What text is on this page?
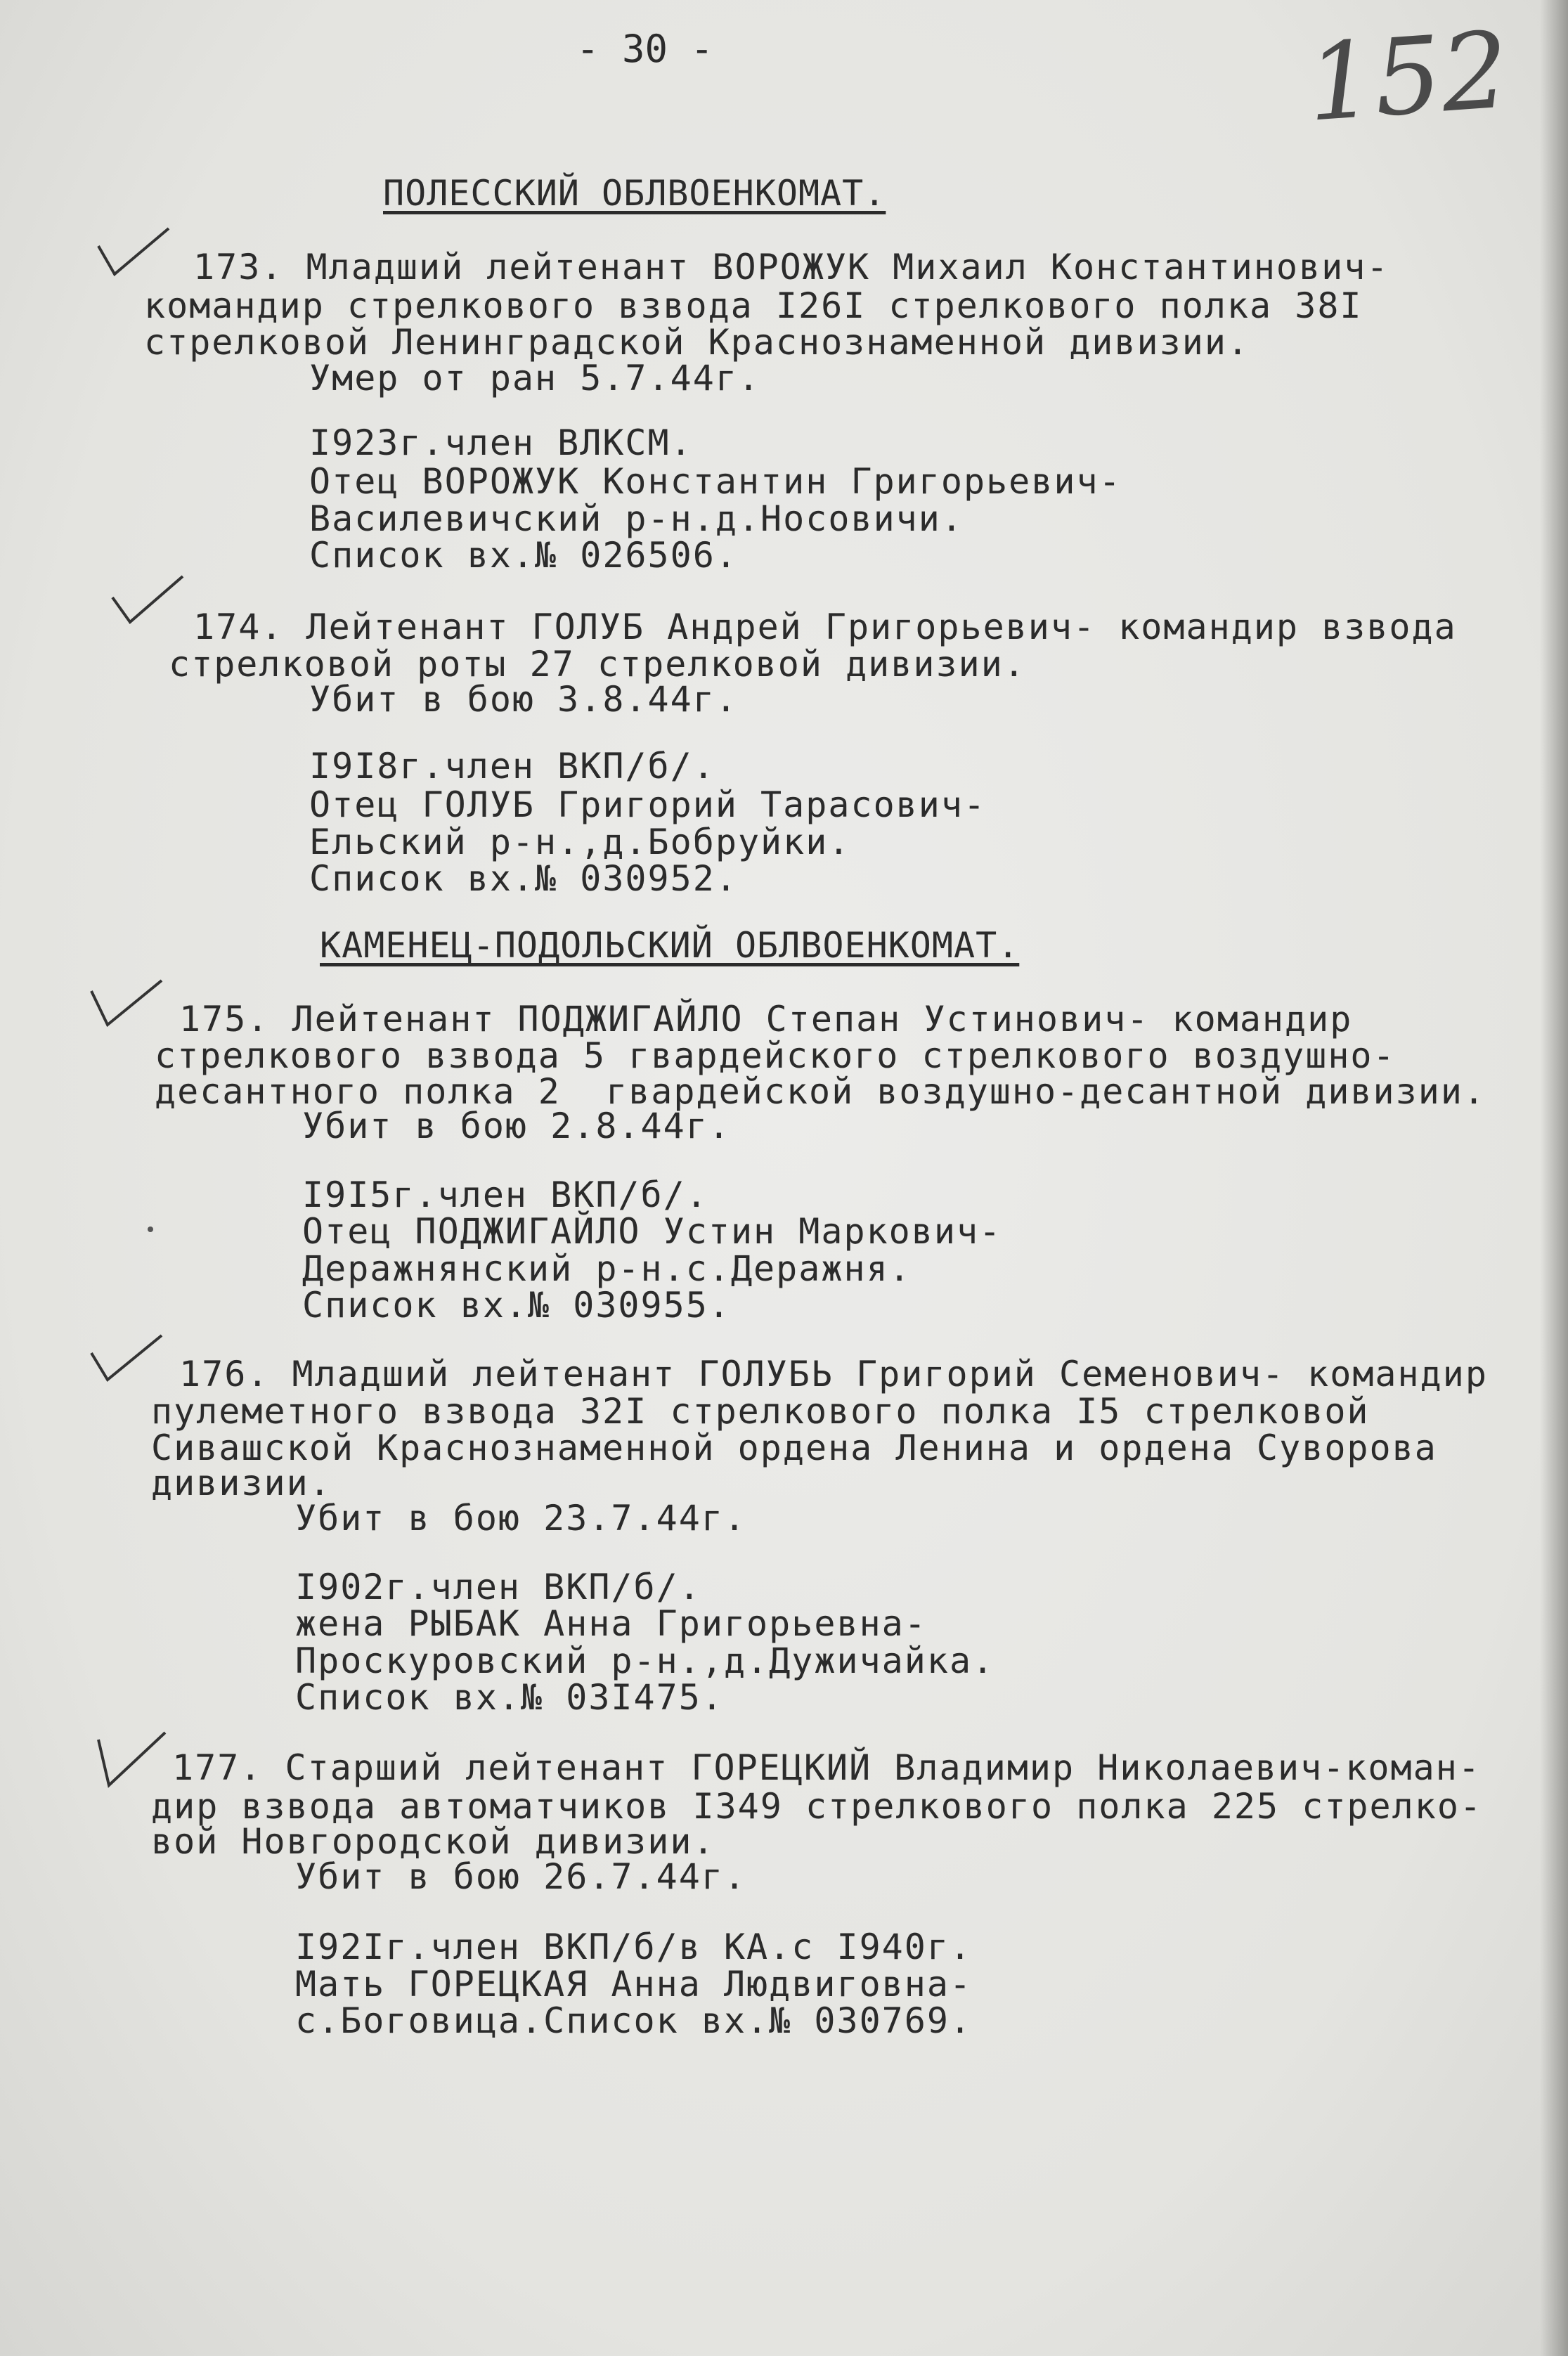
- 30 -	152
ПОЛЕССКИЙ ОБЛВОЕНКОМАТ.
173. Младший лейтенант ВОРОЖУК Михаил Константинович-
командир стрелкового взвода I26I стрелкового полка 38I
стрелковой Ленинградской Краснознаменной дивизии.
Умер от ран 5.7.44г.
I923г.член ВЛКСМ.
Отец ВОРОЖУК Константин Григорьевич-
Василевичский р-н.д.Носовичи.
Список вх.№ 026506.
174. Лейтенант ГОЛУБ Андрей Григорьевич- командир взвода
стрелковой роты 27 стрелковой дивизии.
Убит в бою 3.8.44г.
I9I8г.член ВКП/б/.
Отец ГОЛУБ Григорий Тарасович-
Ельский р-н.,д.Бобруйки.
Список вх.№ 030952.
КАМЕНЕЦ-ПОДОЛЬСКИЙ ОБЛВОЕНКОМАТ.
175. Лейтенант ПОДЖИГАЙЛО Степан Устинович- командир
стрелкового взвода 5 гвардейского стрелкового воздушно-
десантного полка 2  гвардейской воздушно-десантной дивизии.
Убит в бою 2.8.44г.
I9I5г.член ВКП/б/.
Отец ПОДЖИГАЙЛО Устин Маркович-
Деражнянский р-н.с.Деражня.
Список вх.№ 030955.
176. Младший лейтенант ГОЛУБЬ Григорий Семенович- командир
пулеметного взвода 32I стрелкового полка I5 стрелковой
Сивашской Краснознаменной ордена Ленина и ордена Суворова
дивизии.
Убит в бою 23.7.44г.
I902г.член ВКП/б/.
жена РЫБАК Анна Григорьевна-
Проскуровский р-н.,д.Дужичайка.
Список вх.№ 03I475.
177. Старший лейтенант ГОРЕЦКИЙ Владимир Николаевич-коман-
дир взвода автоматчиков I349 стрелкового полка 225 стрелко-
вой Новгородской дивизии.
Убит в бою 26.7.44г.
I92Iг.член ВКП/б/в КА.с I940г.
Мать ГОРЕЦКАЯ Анна Людвиговна-
с.Боговица.Список вх.№ 030769.
